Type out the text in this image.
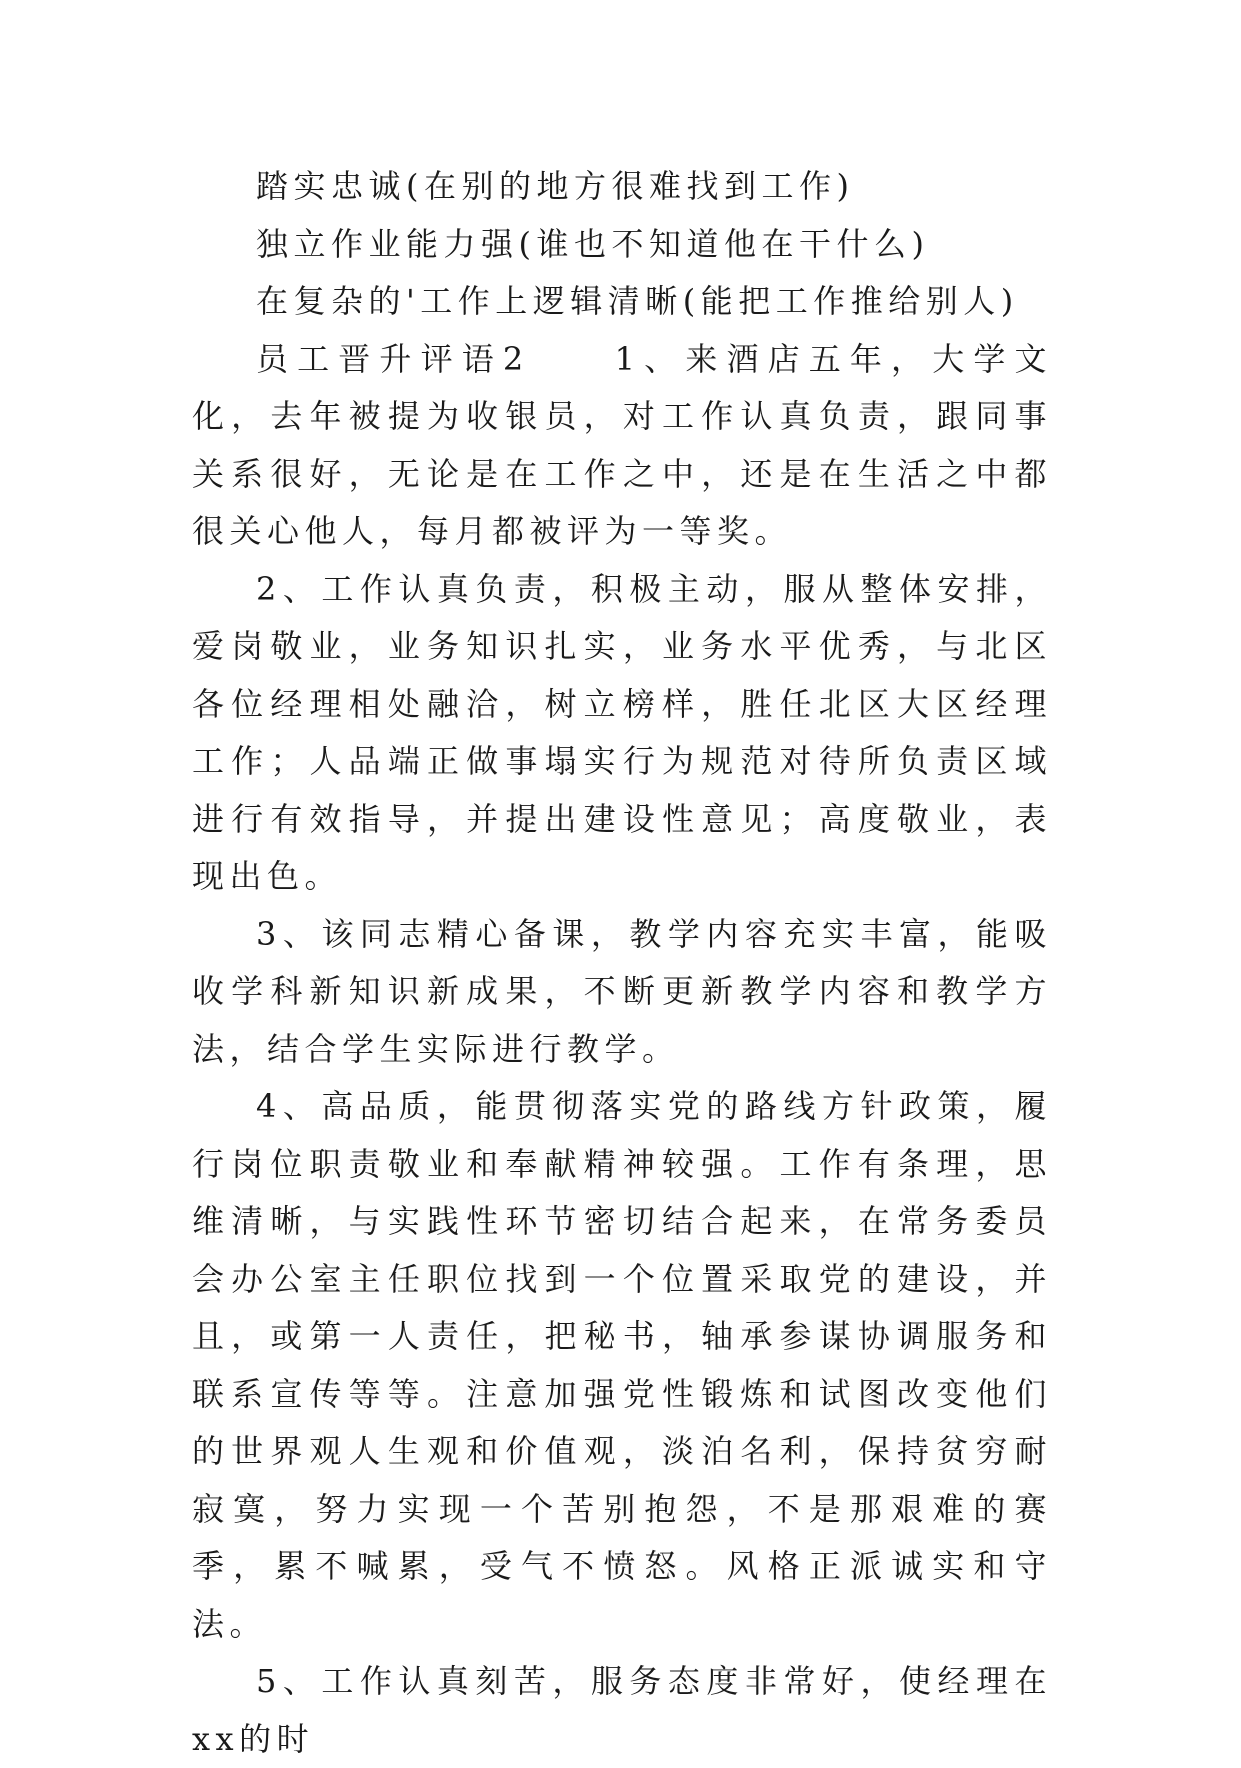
踏实忠诚(在别的地方很难找到工作)

独立作业能力强(谁也不知道他在干什么)

在复杂的'工作上逻辑清晰(能把工作推给别人)

员工晋升评语2　　1、来酒店五年，大学文化，去年被提为收银员，对工作认真负责，跟同事关系很好，无论是在工作之中，还是在生活之中都很关心他人，每月都被评为一等奖。

2、工作认真负责，积极主动，服从整体安排，爱岗敬业，业务知识扎实，业务水平优秀，与北区各位经理相处融洽，树立榜样，胜任北区大区经理工作；人品端正做事塌实行为规范对待所负责区域进行有效指导，并提出建设性意见；高度敬业，表现出色。

3、该同志精心备课，教学内容充实丰富，能吸收学科新知识新成果，不断更新教学内容和教学方法，结合学生实际进行教学。

4、高品质，能贯彻落实党的路线方针政策，履行岗位职责敬业和奉献精神较强。工作有条理，思维清晰，与实践性环节密切结合起来，在常务委员会办公室主任职位找到一个位置采取党的建设，并且，或第一人责任，把秘书，轴承参谋协调服务和联系宣传等等。注意加强党性锻炼和试图改变他们的世界观人生观和价值观，淡泊名利，保持贫穷耐寂寞，努力实现一个苦别抱怨，不是那艰难的赛季，累不喊累，受气不愤怒。风格正派诚实和守法。

5、工作认真刻苦，服务态度非常好，使经理在xx的时
